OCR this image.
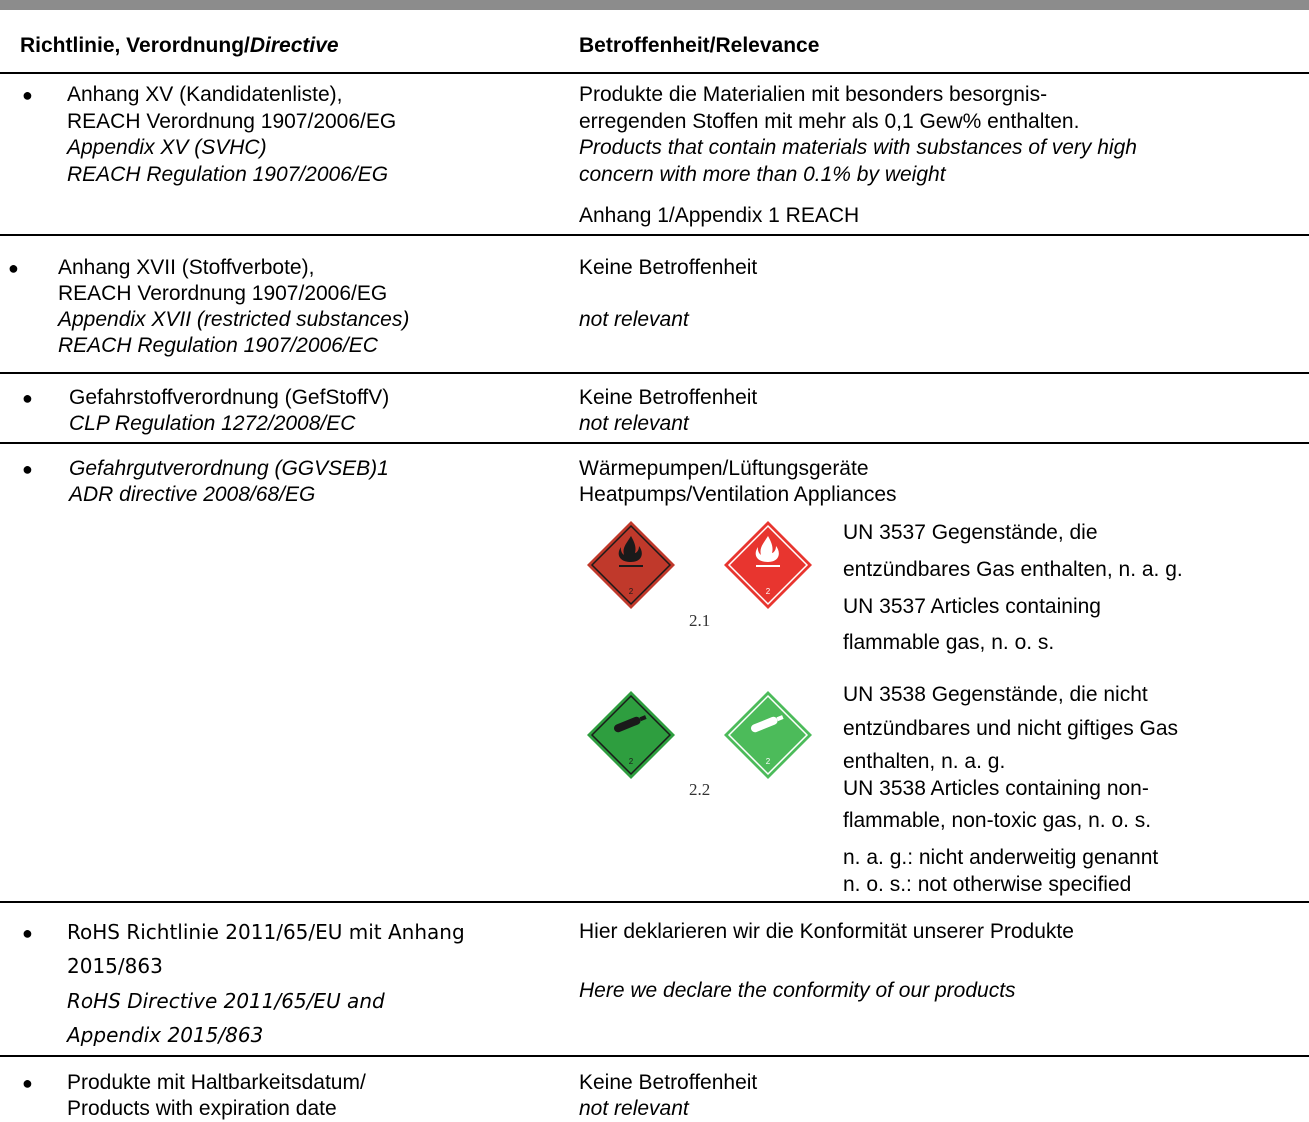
Richtlinie, Verordnung/Directive	Betroffenheit/Relevance
● Anhang XV (Kandidatenliste),
REACH Verordnung 1907/2006/EG
Appendix XV (SVHC)
REACH Regulation 1907/2006/EG
Produkte die Materialien mit besonders besorgnis-
erregenden Stoffen mit mehr als 0,1 Gew% enthalten.
Products that contain materials with substances of very high
concern with more than 0.1% by weight
Anhang 1/Appendix 1 REACH
● Anhang XVII (Stoffverbote),
REACH Verordnung 1907/2006/EG
Appendix XVII (restricted substances)
REACH Regulation 1907/2006/EC
Keine Betroffenheit
not relevant
● Gefahrstoffverordnung (GefStoffV)
CLP Regulation 1272/2008/EC
Keine Betroffenheit
not relevant
● Gefahrgutverordnung (GGVSEB)1
ADR directive 2008/68/EG
Wärmepumpen/Lüftungsgeräte
Heatpumps/Ventilation Appliances
2
2.1
2
UN 3537 Gegenstände, die
entzündbares Gas enthalten, n. a. g.
UN 3537 Articles containing
flammable gas, n. o. s.
2
2.2
2
UN 3538 Gegenstände, die nicht
entzündbares und nicht giftiges Gas
enthalten, n. a. g.
UN 3538 Articles containing non-
flammable, non-toxic gas, n. o. s.
n. a. g.: nicht anderweitig genannt
n. o. s.: not otherwise specified
● RoHS Richtlinie 2011/65/EU mit Anhang
2015/863
RoHS Directive 2011/65/EU and
Appendix 2015/863
Hier deklarieren wir die Konformität unserer Produkte
Here we declare the conformity of our products
● Produkte mit Haltbarkeitsdatum/
Products with expiration date
Keine Betroffenheit
not relevant
